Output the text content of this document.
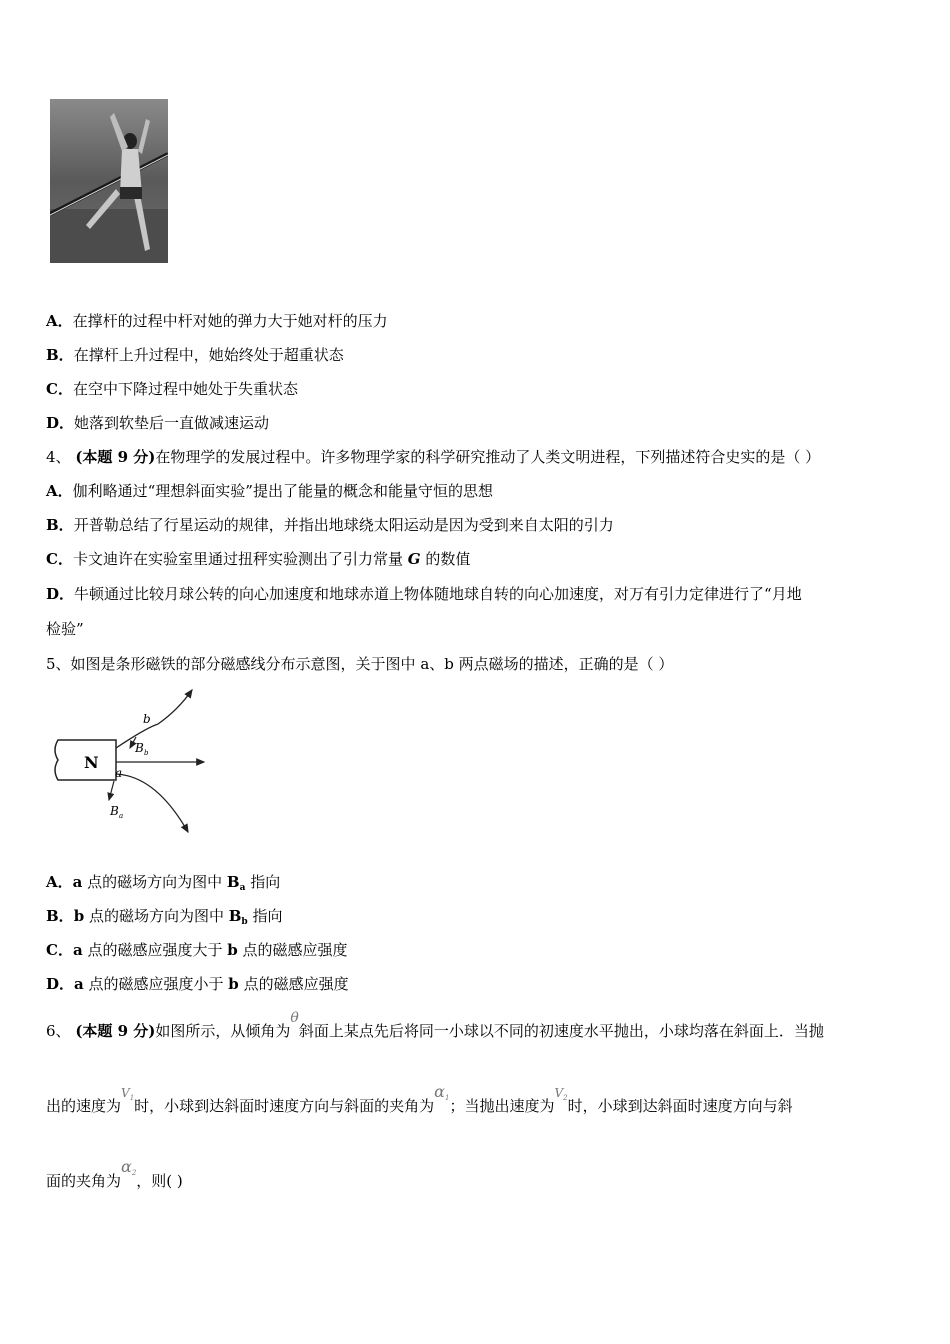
A．在撑杆的过程中杆对她的弹力大于她对杆的压力
B．在撑杆上升过程中，她始终处于超重状态
C．在空中下降过程中她处于失重状态
D．她落到软垫后一直做减速运动
4、 (本题 9 分)在物理学的发展过程中。许多物理学家的科学研究推动了人类文明进程，下列描述符合史实的是（ ）
A．伽利略通过“理想斜面实验”提出了能量的概念和能量守恒的思想
B．开普勒总结了行星运动的规律，并指出地球绕太阳运动是因为受到来自太阳的引力
C．卡文迪许在实验室里通过扭秤实验测出了引力常量 G 的数值
D．牛顿通过比较月球公转的向心加速度和地球赤道上物体随地球自转的向心加速度，对万有引力定律进行了“月地
检验”
5、如图是条形磁铁的部分磁感线分布示意图，关于图中 a、b 两点磁场的描述，正确的是（ ）
N
b
B b
a
B a
A．a 点的磁场方向为图中 $B_a$ 指向
B．b 点的磁场方向为图中 $B_b$ 指向
C．a 点的磁感应强度大于 b 点的磁感应强度
D．a 点的磁感应强度小于 b 点的磁感应强度
6、 (本题 9 分)如图所示，从倾角为θ斜面上某点先后将同一小球以不同的初速度水平抛出，小球均落在斜面上．当抛
出的速度为$^{V_1}$时，小球到达斜面时速度方向与斜面的夹角为α1；当抛出速度为$^{V_2}$时，小球到达斜面时速度方向与斜
面的夹角为α2，则( )
